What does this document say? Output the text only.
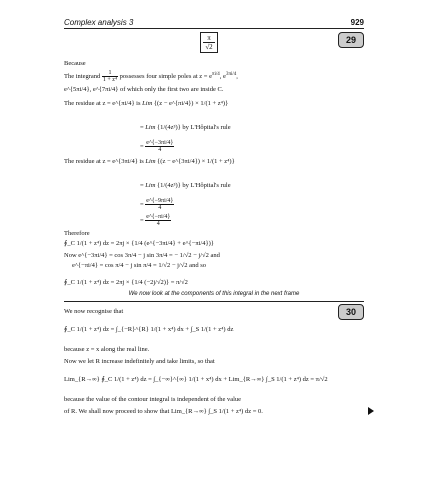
Complex analysis 3	929
π
√2
29
Because
The integrand $\frac{1}{\text{1 + z⁴}}$ possesses four simple poles at $z = e^{\pi i/4}$, $e^{3\pi i/4}$,
e^{5πi/4}, e^{7πi/4} of which only the first two are inside C.
The residue at z = e^{πi/4} is Lim {(z − e^{πi/4}) × 1/(1 + z⁴)}
= Lim {1/(4z³)} by L'Hôpital's rule
= $\frac{e\^{}\{-3\pi i/4\}}{4}$
The residue at z = e^{3πi/4} is Lim {(z − e^{3πi/4}) × 1/(1 + z⁴)}
= Lim {1/(4z³)} by L'Hôpital's rule
= $\frac{e\^{}\{-9\pi i/4\}}{4}$
= $\frac{e\^{}\{-\pi i/4\}}{4}$
Therefore
∮_C 1/(1 + z⁴) dz = 2πj × {1/4 (e^{−3πi/4} + e^{−πi/4})}
Now e^{−3πi/4} = cos 3π/4 − j sin 3π/4 = − 1/√2 − j/√2 and
e^{−πi/4} = cos π/4 − j sin π/4 = 1/√2 − j/√2 and so
We now look at the components of this integral in the next frame
∮_C 1/(1 + z⁴) dz = 2πj × {1/4 (−2j/√2)} = π/√2
30
We now recognise that
∮_C 1/(1 + z⁴) dz = ∫_{−R}^{R} 1/(1 + x⁴) dx + ∫_S 1/(1 + z⁴) dz
because z = x along the real line.
Now we let R increase indefinitely and take limits, so that
Lim_{R→∞} ∮_C 1/(1 + z⁴) dz = ∫_{−∞}^{∞} 1/(1 + x⁴) dx + Lim_{R→∞} ∫_S 1/(1 + z⁴) dz = π/√2
because the value of the contour integral is independent of the value
of R. We shall now proceed to show that Lim_{R→∞} ∫_S 1/(1 + z⁴) dz = 0.
